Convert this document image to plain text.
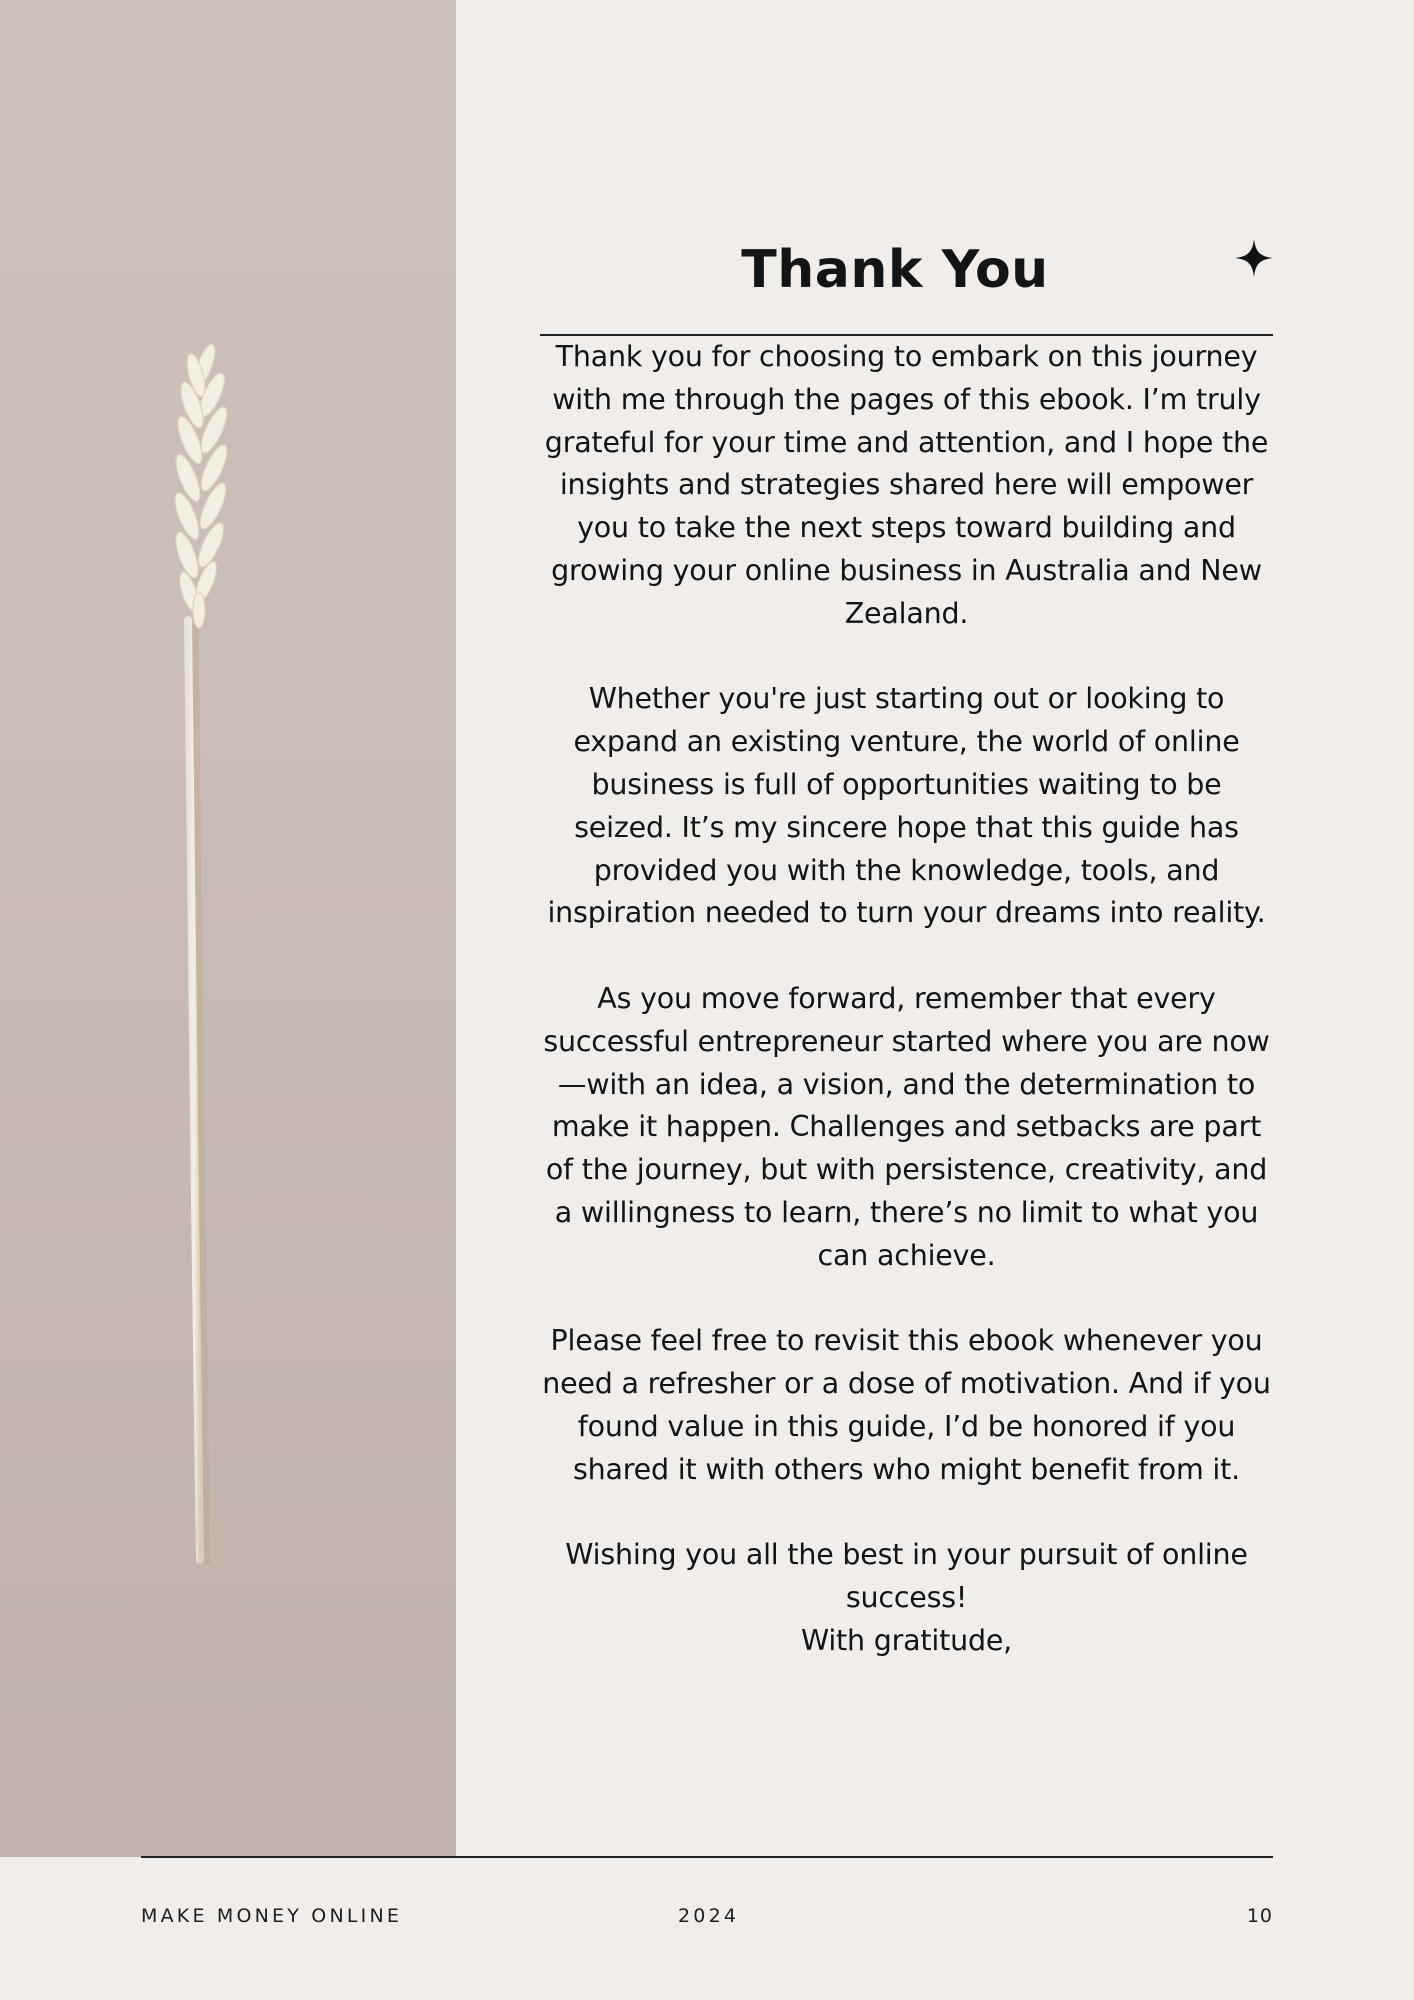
Thank You

Thank you for choosing to embark on this journey with me through the pages of this ebook. I’m truly grateful for your time and attention, and I hope the insights and strategies shared here will empower you to take the next steps toward building and growing your online business in Australia and New Zealand.

Whether you're just starting out or looking to expand an existing venture, the world of online business is full of opportunities waiting to be seized. It’s my sincere hope that this guide has provided you with the knowledge, tools, and inspiration needed to turn your dreams into reality.

As you move forward, remember that every successful entrepreneur started where you are now—with an idea, a vision, and the determination to make it happen. Challenges and setbacks are part of the journey, but with persistence, creativity, and a willingness to learn, there’s no limit to what you can achieve.

Please feel free to revisit this ebook whenever you need a refresher or a dose of motivation. And if you found value in this guide, I’d be honored if you shared it with others who might benefit from it.

Wishing you all the best in your pursuit of online success!
With gratitude,

MAKE MONEY ONLINE	2024	10
